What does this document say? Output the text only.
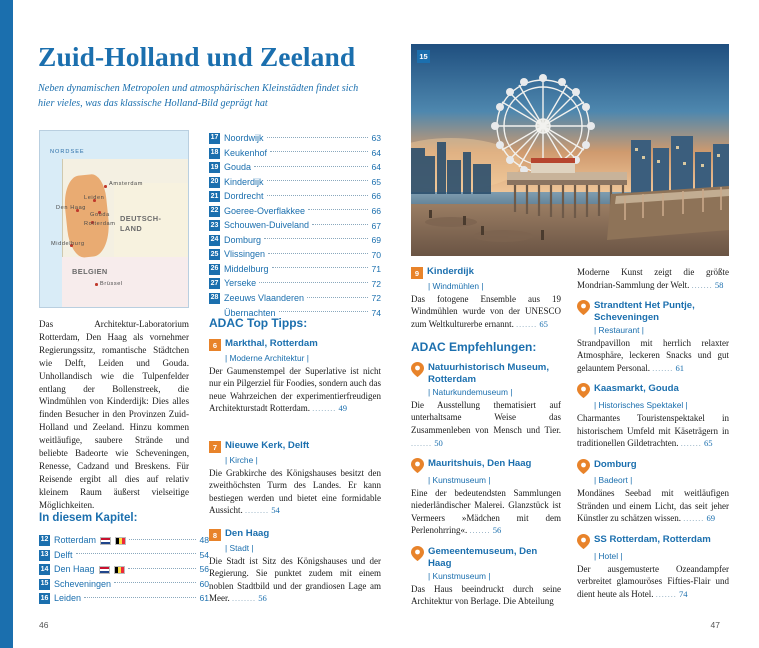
Zuid-Holland und Zeeland
Neben dynamischen Metropolen und atmosphärischen Kleinstädten findet sich hier vieles, was das klassische Holland-Bild geprägt hat
NORDSEE
DEUTSCH-
LAND
BELGIEN
Amsterdam
Den Haag
Leiden
Gouda
Rotterdam
Middelburg
Brüssel
Das Architektur-Laboratorium Rotterdam, Den Haag als vornehmer Regierungssitz, romantische Städtchen wie Delft, Leiden und Gouda. Unhollandisch wie die Tulpenfelder entlang der Bollenstreek, die Windmühlen von Kinderdijk: Dies alles finden Besucher in den Provinzen Zuid-Holland und Zeeland. Hinzu kommen weitläufige, saubere Strände und beliebte Badeorte wie Scheveningen, Renesse, Cadzand und Breskens. Für Reisende ergibt all dies auf relativ kleinem Raum äußerst vielseitige Möglichkeiten.
In diesem Kapitel:
12 Rotterdam	48
13 Delft	54
14 Den Haag	56
15 Scheveningen	60
16 Leiden	61
17 Noordwijk	63
18 Keukenhof	64
19 Gouda	64
20 Kinderdijk	65
21 Dordrecht	66
22 Goeree-Overflakkee	66
23 Schouwen-Duiveland	67
24 Domburg	69
25 Vlissingen	70
26 Middelburg	71
27 Yerseke	72
28 Zeeuws Vlaanderen	72
Übernachten	74
ADAC Top Tipps:
6 Markthal, Rotterdam
| Moderne Architektur |
Der Gaumenstempel der Superlative ist nicht nur ein Pilgerziel für Foodies, sondern auch das neue Wahrzeichen der experimentierfreudigen Architekturstadt Rotterdam. ........ 49
7 Nieuwe Kerk, Delft
| Kirche |
Die Grabkirche des Königshauses besitzt den zweithöchsten Turm des Landes. Er kann bestiegen werden und bietet eine formidable Aussicht. ........ 54
8 Den Haag
| Stadt |
Die Stadt ist Sitz des Königshauses und der Regierung. Sie punktet zudem mit einem noblen Stadtbild und der grandiosen Lage am Meer. ........ 56
46
15
47
9 Kinderdijk
| Windmühlen |
Das fotogene Ensemble aus 19 Windmühlen wurde von der UNESCO zum Weltkulturerbe ernannt. ....... 65
ADAC Empfehlungen:
Natuurhistorisch Museum, Rotterdam
| Naturkundemuseum |
Die Ausstellung thematisiert auf unterhaltsame Weise das Zusammenleben von Mensch und Tier. ....... 50
Mauritshuis, Den Haag
| Kunstmuseum |
Eine der bedeutendsten Sammlungen niederländischer Malerei. Glanzstück ist Vermeers »Mädchen mit dem Perlenohrring«. ....... 56
Gemeentemuseum, Den Haag
| Kunstmuseum |
Das Haus beeindruckt durch seine Architektur von Berlage. Die Abteilung
Moderne Kunst zeigt die größte Mondrian-Sammlung der Welt. ....... 58
Strandtent Het Puntje, Scheveningen
| Restaurant |
Strandpavillon mit herrlich relaxter Atmosphäre, leckeren Snacks und gut gelauntem Personal. ....... 61
Kaasmarkt, Gouda
| Historisches Spektakel |
Charmantes Touristenspektakel in historischem Umfeld mit Käseträgern in traditionellen Gildetrachten. ....... 65
Domburg
| Badeort |
Mondänes Seebad mit weitläufigen Stränden und einem Licht, das seit jeher Künstler zu schätzen wissen. ....... 69
SS Rotterdam, Rotterdam
| Hotel |
Der ausgemusterte Ozeandampfer verbreitet glamouröses Fifties-Flair und dient heute als Hotel. ....... 74
